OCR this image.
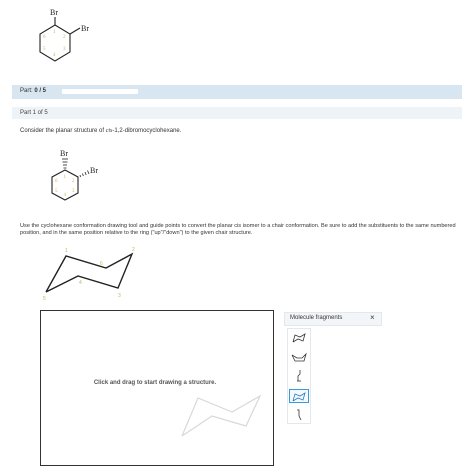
Br
Br
1
2
3
4
5
6
Part: 0 / 5
Part 1 of 5
Consider the planar structure of cis-1,2-dibromocyclohexane.
Br
Br
1
2
3
4
5
6
Use the cyclohexane conformation drawing tool and guide points to convert the planar cis isomer to a chair conformation. Be sure to add the substituents to the same numbered position, and in the same position relative to the ring ("up"/"down") to the given chair structure.
1	2
3
4
5
6
Click and drag to start drawing a structure.
Molecule fragments	×
